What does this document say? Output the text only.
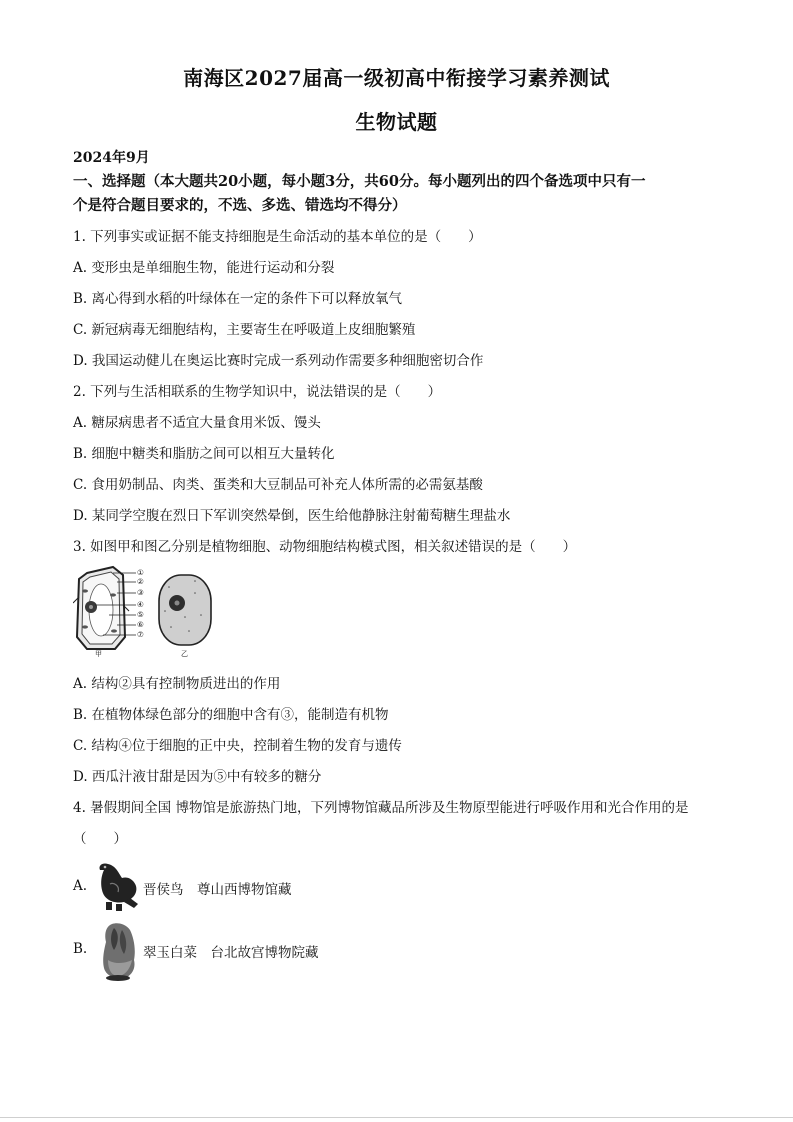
南海区2027届高一级初高中衔接学习素养测试
生物试题
2024年9月
一、选择题（本大题共20小题，每小题3分，共60分。每小题列出的四个备选项中只有一
个是符合题目要求的，不选、多选、错选均不得分）
1. 下列事实或证据不能支持细胞是生命活动的基本单位的是（　　）
A. 变形虫是单细胞生物，能进行运动和分裂
B. 离心得到水稻的叶绿体在一定的条件下可以释放氧气
C. 新冠病毒无细胞结构，主要寄生在呼吸道上皮细胞繁殖
D. 我国运动健儿在奥运比赛时完成一系列动作需要多种细胞密切合作
2. 下列与生活相联系的生物学知识中，说法错误的是（　　）
A. 糖尿病患者不适宜大量食用米饭、馒头
B. 细胞中糖类和脂肪之间可以相互大量转化
C. 食用奶制品、肉类、蛋类和大豆制品可补充人体所需的必需氨基酸
D. 某同学空腹在烈日下军训突然晕倒，医生给他静脉注射葡萄糖生理盐水
3. 如图甲和图乙分别是植物细胞、动物细胞结构模式图，相关叙述错误的是（　　）
①
②
③
④
⑤
⑥
⑦
甲	乙
A. 结构②具有控制物质进出的作用
B. 在植物体绿色部分的细胞中含有③，能制造有机物
C. 结构④位于细胞的正中央，控制着生物的发育与遗传
D. 西瓜汁液甘甜是因为⑤中有较多的糖分
4. 暑假期间全国 博物馆是旅游热门地，下列博物馆藏品所涉及生物原型能进行呼吸作用和光合作用的是
（　　）
A.	晋侯鸟　尊山西博物馆藏
B.	翠玉白菜　台北故宫博物院藏
